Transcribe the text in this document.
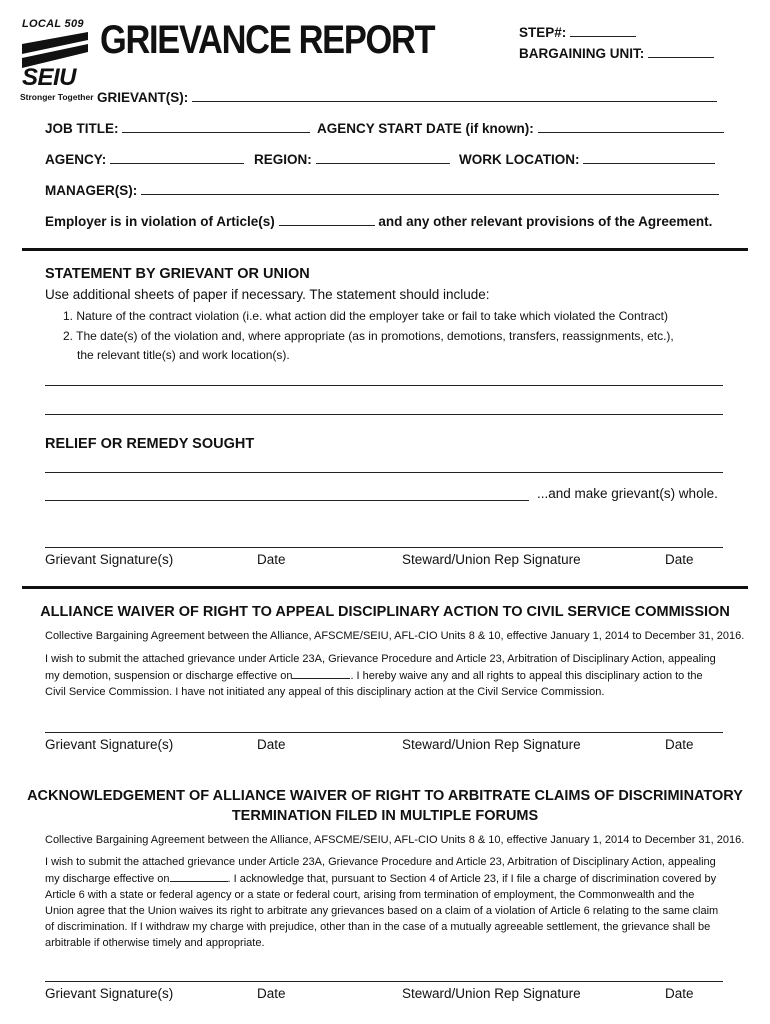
LOCAL 509
SEIU
Stronger Together
GRIEVANCE REPORT	STEP#:
BARGAINING UNIT:
GRIEVANT(S):
JOB TITLE:	AGENCY START DATE (if known):
AGENCY:	REGION:	WORK LOCATION:
MANAGER(S):
Employer is in violation of Article(s)	and any other relevant provisions of the Agreement.
STATEMENT BY GRIEVANT OR UNION
Use additional sheets of paper if necessary. The statement should include:
1. Nature of the contract violation (i.e. what action did the employer take or fail to take which violated the Contract)
2. The date(s) of the violation and, where appropriate (as in promotions, demotions, transfers, reassignments, etc.),
the relevant title(s) and work location(s).
RELIEF OR REMEDY SOUGHT
...and make grievant(s) whole.
Grievant Signature(s)	Date	Steward/Union Rep Signature	Date
ALLIANCE WAIVER OF RIGHT TO APPEAL DISCIPLINARY ACTION TO CIVIL SERVICE COMMISSION
Collective Bargaining Agreement between the Alliance, AFSCME/SEIU, AFL-CIO Units 8 & 10, effective January 1, 2014 to December 31, 2016.
I wish to submit the attached grievance under Article 23A, Grievance Procedure and Article 23, Arbitration of Disciplinary Action, appealing
my demotion, suspension or discharge effective on	. I hereby waive any and all rights to appeal this disciplinary action to the
Civil Service Commission. I have not initiated any appeal of this disciplinary action at the Civil Service Commission.
Grievant Signature(s)	Date	Steward/Union Rep Signature	Date
ACKNOWLEDGEMENT OF ALLIANCE WAIVER OF RIGHT TO ARBITRATE CLAIMS OF DISCRIMINATORY
TERMINATION FILED IN MULTIPLE FORUMS
Collective Bargaining Agreement between the Alliance, AFSCME/SEIU, AFL-CIO Units 8 & 10, effective January 1, 2014 to December 31, 2016.
I wish to submit the attached grievance under Article 23A, Grievance Procedure and Article 23, Arbitration of Disciplinary Action, appealing
my discharge effective on	. I acknowledge that, pursuant to Section 4 of Article 23, if I file a charge of discrimination covered by
Article 6 with a state or federal agency or a state or federal court, arising from termination of employment, the Commonwealth and the
Union agree that the Union waives its right to arbitrate any grievances based on a claim of a violation of Article 6 relating to the same claim
of discrimination. If I withdraw my charge with prejudice, other than in the case of a mutually agreeable settlement, the grievance shall be
arbitrable if otherwise timely and appropriate.
Grievant Signature(s)	Date	Steward/Union Rep Signature	Date
